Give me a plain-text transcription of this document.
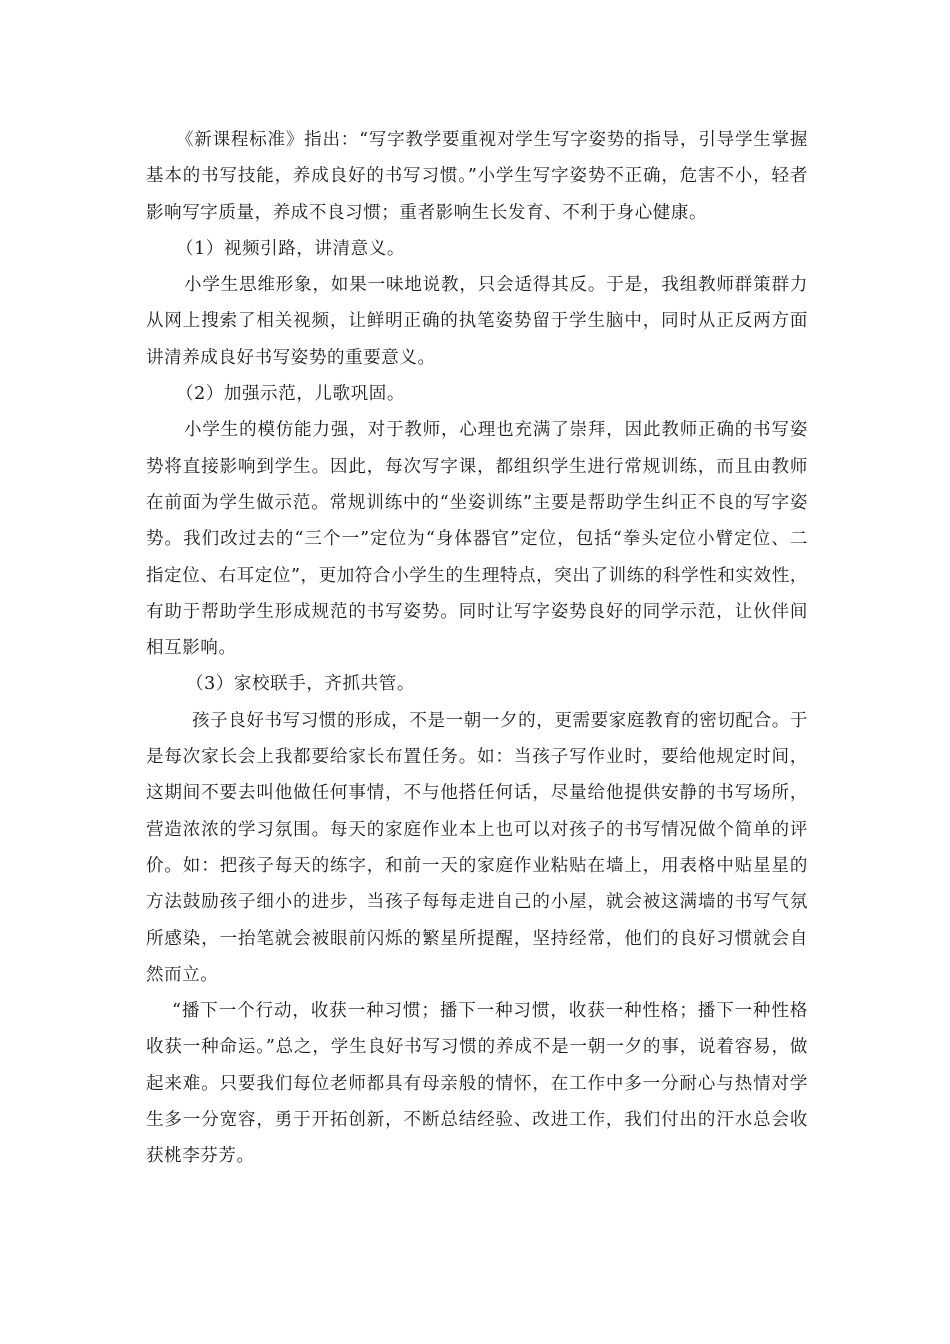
《新课程标准》指出：“写字教学要重视对学生写字姿势的指导，引导学生掌握基本的书写技能，养成良好的书写习惯。”小学生写字姿势不正确，危害不小，轻者影响写字质量，养成不良习惯；重者影响生长发育、不利于身心健康。

（1）视频引路，讲清意义。

小学生思维形象，如果一味地说教，只会适得其反。于是，我组教师群策群力从网上搜索了相关视频，让鲜明正确的执笔姿势留于学生脑中，同时从正反两方面讲清养成良好书写姿势的重要意义。

（2）加强示范，儿歌巩固。

小学生的模仿能力强，对于教师，心理也充满了崇拜，因此教师正确的书写姿势将直接影响到学生。因此，每次写字课，都组织学生进行常规训练，而且由教师在前面为学生做示范。常规训练中的“坐姿训练”主要是帮助学生纠正不良的写字姿势。我们改过去的“三个一”定位为“身体器官”定位，包括“拳头定位小臂定位、二指定位、右耳定位”，更加符合小学生的生理特点，突出了训练的科学性和实效性，有助于帮助学生形成规范的书写姿势。同时让写字姿势良好的同学示范，让伙伴间相互影响。

（3）家校联手，齐抓共管。

孩子良好书写习惯的形成，不是一朝一夕的，更需要家庭教育的密切配合。于是每次家长会上我都要给家长布置任务。如：当孩子写作业时，要给他规定时间，这期间不要去叫他做任何事情，不与他搭任何话，尽量给他提供安静的书写场所，营造浓浓的学习氛围。每天的家庭作业本上也可以对孩子的书写情况做个简单的评价。如：把孩子每天的练字，和前一天的家庭作业粘贴在墙上，用表格中贴星星的方法鼓励孩子细小的进步，当孩子每每走进自己的小屋，就会被这满墙的书写气氛所感染，一抬笔就会被眼前闪烁的繁星所提醒，坚持经常，他们的良好习惯就会自然而立。

“播下一个行动，收获一种习惯；播下一种习惯，收获一种性格；播下一种性格收获一种命运。”总之，学生良好书写习惯的养成不是一朝一夕的事，说着容易，做起来难。只要我们每位老师都具有母亲般的情怀，在工作中多一分耐心与热情对学生多一分宽容，勇于开拓创新，不断总结经验、改进工作，我们付出的汗水总会收获桃李芬芳。
